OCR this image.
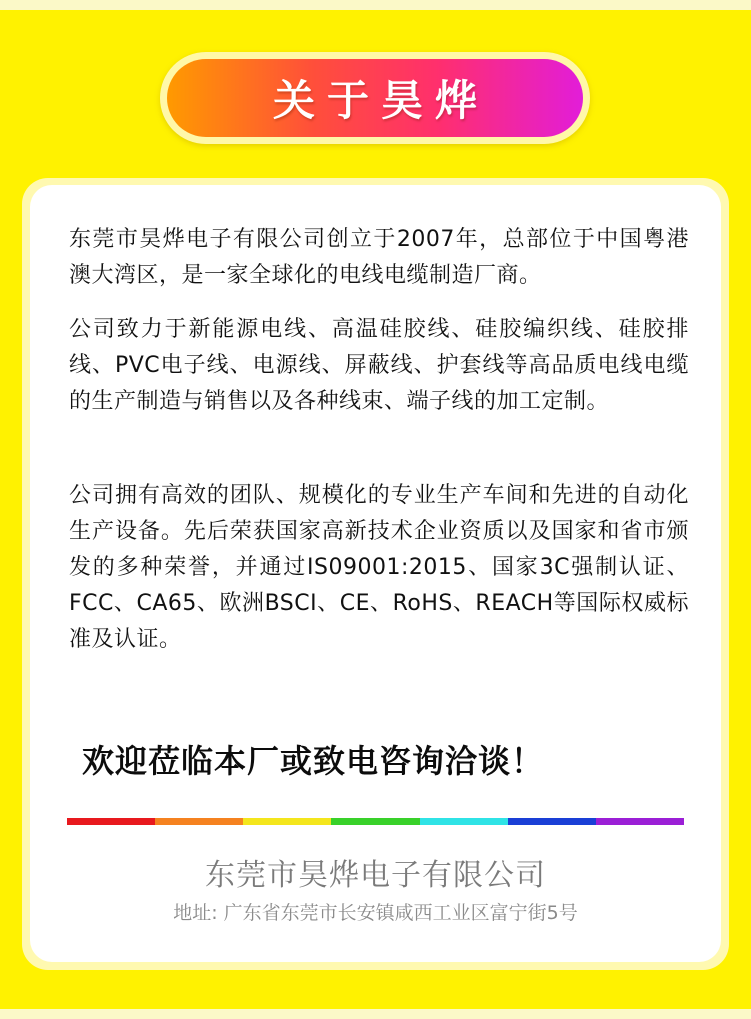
关于昊烨

东莞市昊烨电子有限公司创立于2007年，总部位于中国粤港澳大湾区，是一家全球化的电线电缆制造厂商。

公司致力于新能源电线、高温硅胶线、硅胶编织线、硅胶排线、PVC电子线、电源线、屏蔽线、护套线等高品质电线电缆的生产制造与销售以及各种线束、端子线的加工定制。

公司拥有高效的团队、规模化的专业生产车间和先进的自动化生产设备。先后荣获国家高新技术企业资质以及国家和省市颁发的多种荣誉，并通过IS09001:2015、国家3C强制认证、FCC、CA65、欧洲BSCI、CE、RoHS、REACH等国际权威标准及认证。

欢迎莅临本厂或致电咨询洽谈！

东莞市昊烨电子有限公司

地址: 广东省东莞市长安镇咸西工业区富宁街5号
